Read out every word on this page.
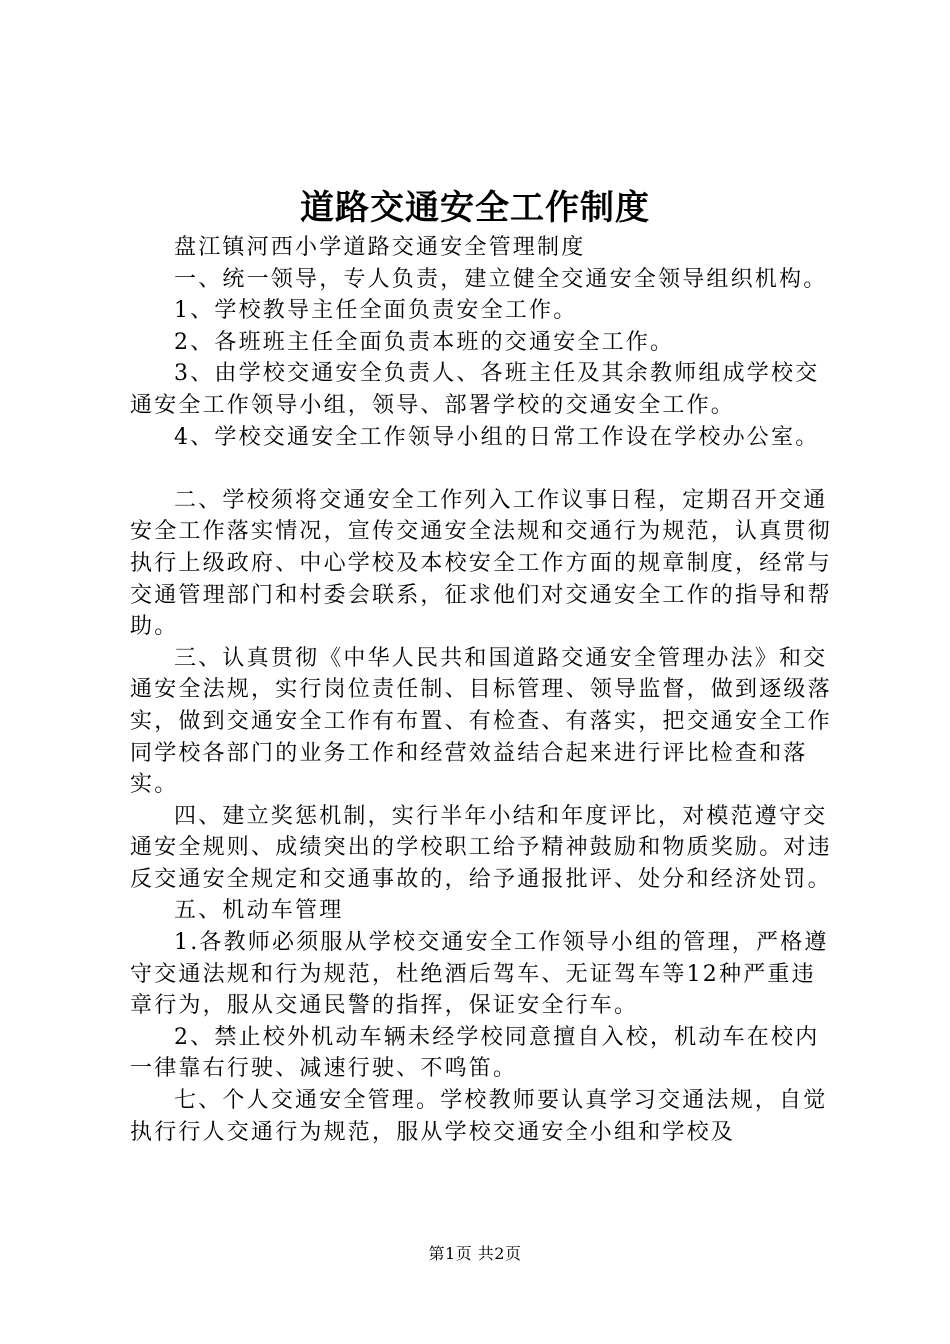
道路交通安全工作制度

盘江镇河西小学道路交通安全管理制度

一、统一领导，专人负责，建立健全交通安全领导组织机构。

1、学校教导主任全面负责安全工作。

2、各班班主任全面负责本班的交通安全工作。

3、由学校交通安全负责人、各班主任及其余教师组成学校交通安全工作领导小组，领导、部署学校的交通安全工作。

4、学校交通安全工作领导小组的日常工作设在学校办公室。

二、学校须将交通安全工作列入工作议事日程，定期召开交通安全工作落实情况，宣传交通安全法规和交通行为规范，认真贯彻执行上级政府、中心学校及本校安全工作方面的规章制度，经常与交通管理部门和村委会联系，征求他们对交通安全工作的指导和帮助。

三、认真贯彻《中华人民共和国道路交通安全管理办法》和交通安全法规，实行岗位责任制、目标管理、领导监督，做到逐级落实，做到交通安全工作有布置、有检查、有落实，把交通安全工作同学校各部门的业务工作和经营效益结合起来进行评比检查和落实。

四、建立奖惩机制，实行半年小结和年度评比，对模范遵守交通安全规则、成绩突出的学校职工给予精神鼓励和物质奖励。对违反交通安全规定和交通事故的，给予通报批评、处分和经济处罚。

五、机动车管理

1.各教师必须服从学校交通安全工作领导小组的管理，严格遵守交通法规和行为规范，杜绝酒后驾车、无证驾车等12种严重违章行为，服从交通民警的指挥，保证安全行车。

2、禁止校外机动车辆未经学校同意擅自入校，机动车在校内一律靠右行驶、减速行驶、不鸣笛。

七、个人交通安全管理。学校教师要认真学习交通法规，自觉执行行人交通行为规范，服从学校交通安全小组和学校及

第1页 共2页
